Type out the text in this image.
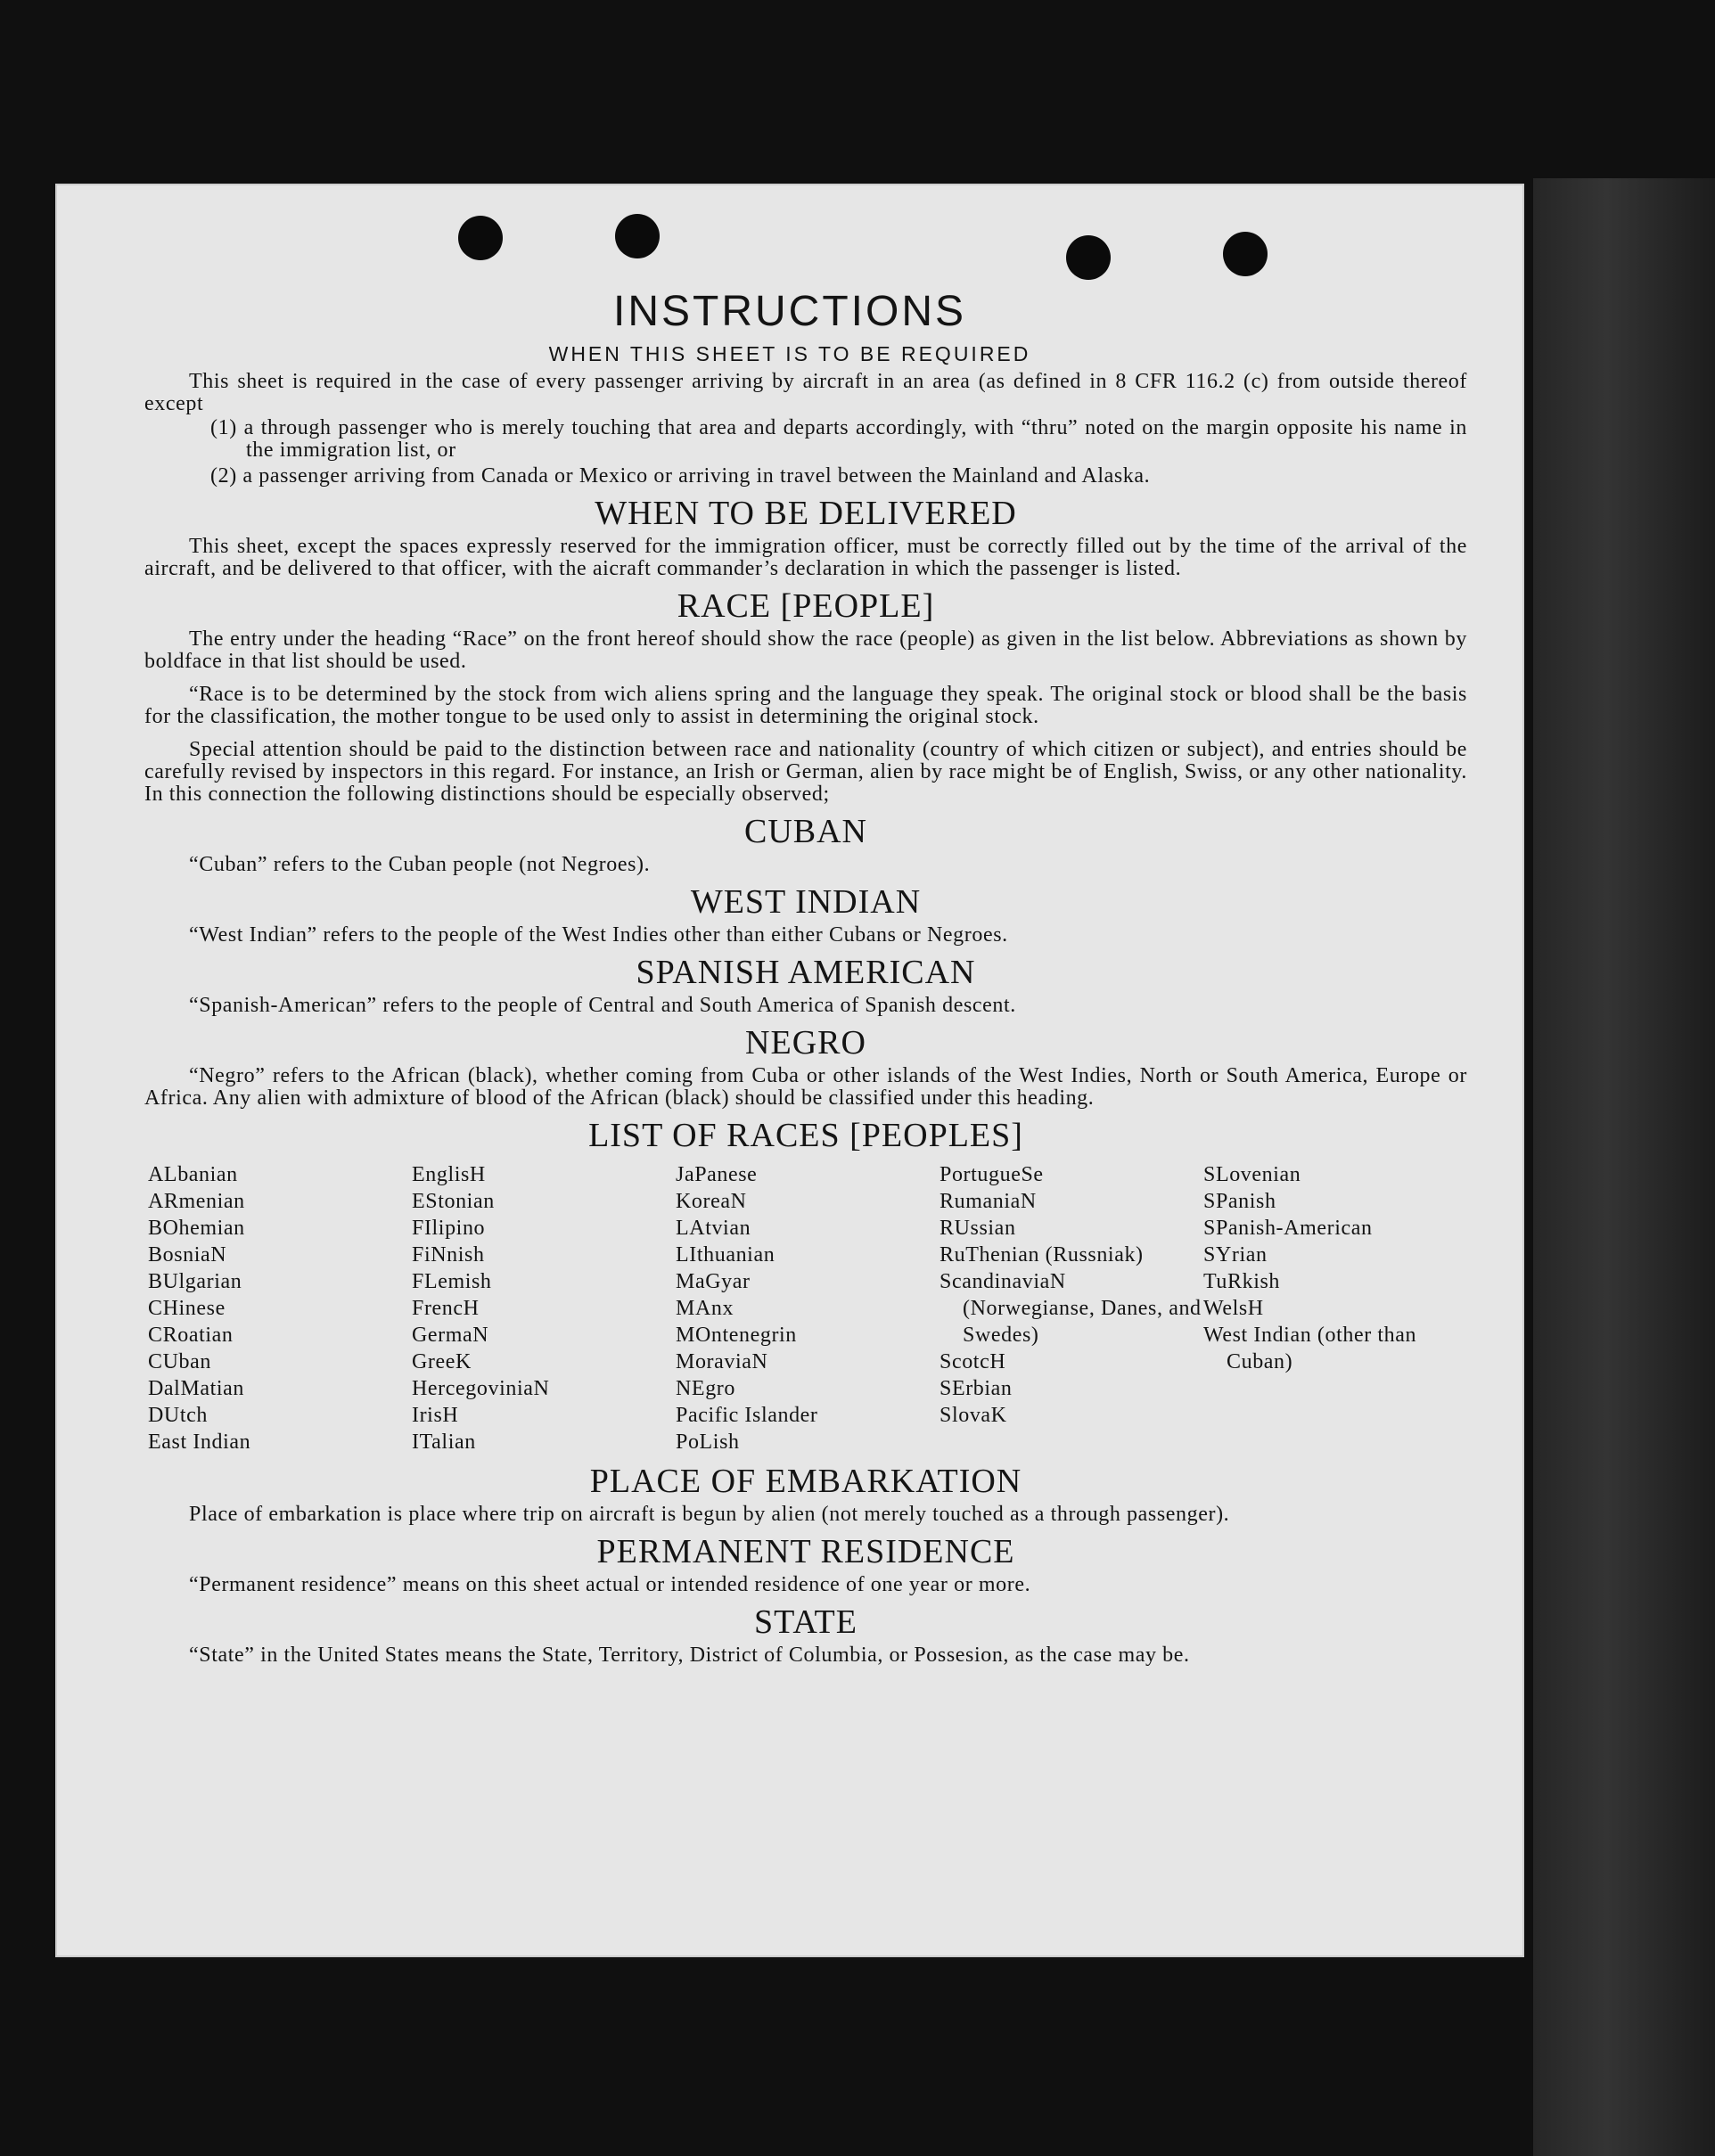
INSTRUCTIONS
WHEN THIS SHEET IS TO BE REQUIRED

This sheet is required in the case of every passenger arriving by aircraft in an area (as defined in 8 CFR 116.2 (c) from outside thereof except

(1) a through passenger who is merely touching that area and departs accordingly, with “thru” noted on the margin opposite his name in the immigration list, or
(2) a passenger arriving from Canada or Mexico or arriving in travel between the Mainland and Alaska.
WHEN TO BE DELIVERED

This sheet, except the spaces expressly reserved for the immigration officer, must be correctly filled out by the time of the arrival of the aircraft, and be delivered to that officer, with the aicraft commander’s declaration in which the passenger is listed.

RACE [PEOPLE]

The entry under the heading “Race” on the front hereof should show the race (people) as given in the list below. Abbreviations as shown by boldface in that list should be used.

“Race is to be determined by the stock from wich aliens spring and the language they speak. The original stock or blood shall be the basis for the classification, the mother tongue to be used only to assist in determining the original stock.

Special attention should be paid to the distinction between race and nationality (country of which citizen or subject), and entries should be carefully revised by inspectors in this regard. For instance, an Irish or German, alien by race might be of English, Swiss, or any other nationality. In this connection the following distinctions should be especially observed;

CUBAN

“Cuban” refers to the Cuban people (not Negroes).

WEST INDIAN

“West Indian” refers to the people of the West Indies other than either Cubans or Negroes.

SPANISH AMERICAN

“Spanish-American” refers to the people of Central and South America of Spanish descent.

NEGRO

“Negro” refers to the African (black), whether coming from Cuba or other islands of the West Indies, North or South America, Europe or Africa. Any alien with admixture of blood of the African (black) should be classified under this heading.

LIST OF RACES [PEOPLES]
ALbanian
ARmenian
BOhemian
BosniaN
BUlgarian
CHinese
CRoatian
CUban
DalMatian
DUtch
East Indian
EnglisH
EStonian
FIlipino
FiNnish
FLemish
FrencH
GermaN
GreeK
HercegoviniaN
IrisH
ITalian
JaPanese
KoreaN
LAtvian
LIthuanian
MaGyar
MAnx
MOntenegrin
MoraviaN
NEgro
Pacific Islander
PoLish
PortugueSe
RumaniaN
RUssian
RuThenian (Russniak)
ScandinaviaN (Norwegianse, Danes, and Swedes)
ScotcH
SErbian
SlovaK
SLovenian
SPanish
SPanish-American
SYrian
TuRkish
WelsH
West Indian (other than Cuban)
PLACE OF EMBARKATION

Place of embarkation is place where trip on aircraft is begun by alien (not merely touched as a through passenger).

PERMANENT RESIDENCE

“Permanent residence” means on this sheet actual or intended residence of one year or more.

STATE

“State” in the United States means the State, Territory, District of Columbia, or Possesion, as the case may be.
